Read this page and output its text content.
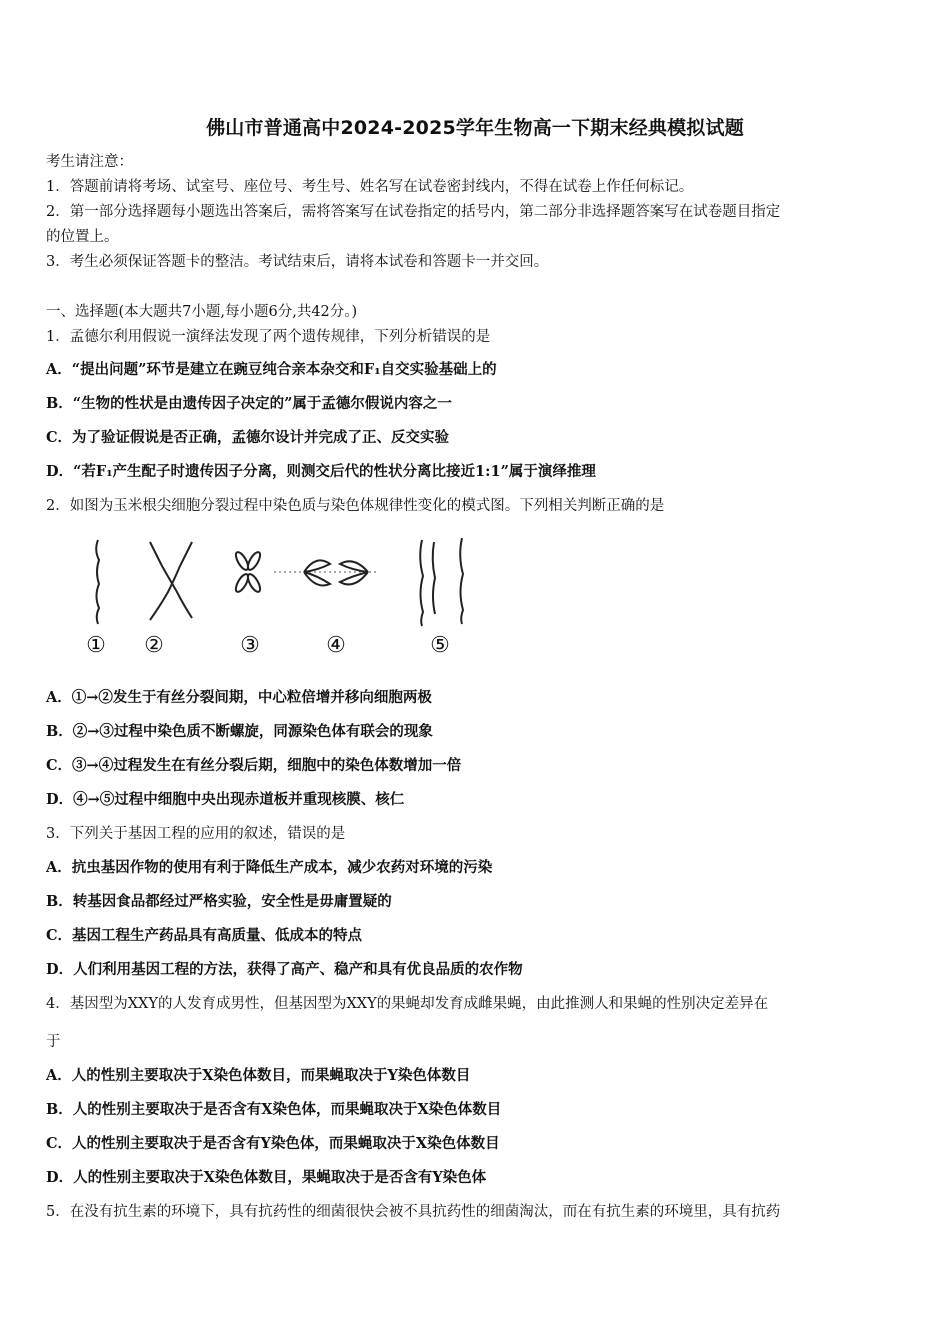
佛山市普通高中2024-2025学年生物高一下期末经典模拟试题
考生请注意：
1．答题前请将考场、试室号、座位号、考生号、姓名写在试卷密封线内，不得在试卷上作任何标记。
2．第一部分选择题每小题选出答案后，需将答案写在试卷指定的括号内，第二部分非选择题答案写在试卷题目指定
的位置上。
3．考生必须保证答题卡的整洁。考试结束后，请将本试卷和答题卡一并交回。
一、选择题(本大题共7小题,每小题6分,共42分。)
1．孟德尔利用假说一演绎法发现了两个遗传规律，下列分析错误的是
A．“提出问题”环节是建立在豌豆纯合亲本杂交和F₁自交实验基础上的
B．“生物的性状是由遗传因子决定的”属于孟德尔假说内容之一
C．为了验证假说是否正确，孟德尔设计并完成了正、反交实验
D．“若F₁产生配子时遗传因子分离，则测交后代的性状分离比接近1:1”属于演绎推理
2．如图为玉米根尖细胞分裂过程中染色质与染色体规律性变化的模式图。下列相关判断正确的是
① ②	③	④	⑤
A．①→②发生于有丝分裂间期，中心粒倍增并移向细胞两极
B．②→③过程中染色质不断螺旋，同源染色体有联会的现象
C．③→④过程发生在有丝分裂后期，细胞中的染色体数增加一倍
D．④→⑤过程中细胞中央出现赤道板并重现核膜、核仁
3．下列关于基因工程的应用的叙述，错误的是
A．抗虫基因作物的使用有利于降低生产成本，减少农药对环境的污染
B．转基因食品都经过严格实验，安全性是毋庸置疑的
C．基因工程生产药品具有高质量、低成本的特点
D．人们利用基因工程的方法，获得了高产、稳产和具有优良品质的农作物
4．基因型为XXY的人发育成男性，但基因型为XXY的果蝇却发育成雌果蝇，由此推测人和果蝇的性别决定差异在
于
A．人的性别主要取决于X染色体数目，而果蝇取决于Y染色体数目
B．人的性别主要取决于是否含有X染色体，而果蝇取决于X染色体数目
C．人的性别主要取决于是否含有Y染色体，而果蝇取决于X染色体数目
D．人的性别主要取决于X染色体数目，果蝇取决于是否含有Y染色体
5．在没有抗生素的环境下，具有抗药性的细菌很快会被不具抗药性的细菌淘汰，而在有抗生素的环境里，具有抗药
